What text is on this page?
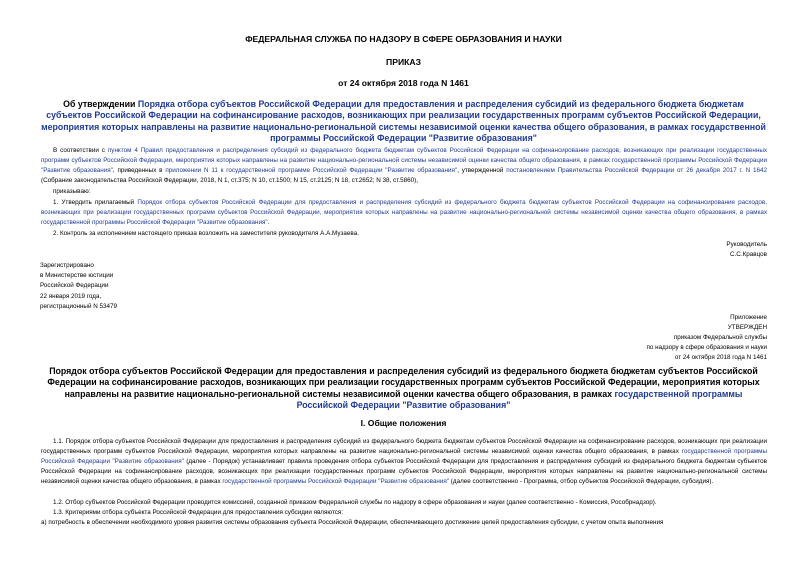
ФЕДЕРАЛЬНАЯ СЛУЖБА ПО НАДЗОРУ В СФЕРЕ ОБРАЗОВАНИЯ И НАУКИ
ПРИКАЗ
от 24 октября 2018 года N 1461
Об утверждении Порядка отбора субъектов Российской Федерации для предоставления и распределения субсидий из федерального бюджета бюджетам субъектов Российской Федерации на софинансирование расходов, возникающих при реализации государственных программ субъектов Российской Федерации, мероприятия которых направлены на развитие национально-региональной системы независимой оценки качества общего образования, в рамках государственной программы Российской Федерации "Развитие образования"
В соответствии с пунктом 4 Правил предоставления и распределения субсидий из федерального бюджета бюджетам субъектов Российской Федерации на софинансирование расходов, возникающих при реализации государственных программ субъектов Российской Федерации, мероприятия которых направлены на развитие национально-региональной системы независимой оценки качества общего образования, в рамках государственной программы Российской Федерации "Развитие образования", приведенных в приложении N 11 к государственной программе Российской Федерации "Развитие образования", утвержденной постановлением Правительства Российской Федерации от 26 декабря 2017 г. N 1642 (Собрание законодательства Российской Федерации, 2018, N 1, ст.375; N 10, ст.1500; N 15, ст.2125; N 18, ст.2652; N 38, ст.5860),
приказываю:
1. Утвердить прилагаемый Порядок отбора субъектов Российской Федерации для предоставления и распределения субсидий из федерального бюджета бюджетам субъектов Российской Федерации на софинансирование расходов, возникающих при реализации государственных программ субъектов Российской Федерации, мероприятия которых направлены на развитие национально-региональной системы независимой оценки качества общего образования, в рамках государственной программы Российской Федерации "Развитие образования".
2. Контроль за исполнением настоящего приказа возложить на заместителя руководителя А.А.Музаева.
Руководитель
С.С.Кравцов
Зарегистрировано
в Министерстве юстиции
Российской Федерации
22 января 2019 года,
регистрационный N 53479
Приложение
УТВЕРЖДЕН
приказом Федеральной службы
по надзору в сфере образования и науки
от 24 октября 2018 года N 1461
Порядок отбора субъектов Российской Федерации для предоставления и распределения субсидий из федерального бюджета бюджетам субъектов Российской Федерации на софинансирование расходов, возникающих при реализации государственных программ субъектов Российской Федерации, мероприятия которых направлены на развитие национально-региональной системы независимой оценки качества общего образования, в рамках государственной программы Российской Федерации "Развитие образования"
I. Общие положения
1.1. Порядок отбора субъектов Российской Федерации для предоставления и распределения субсидий из федерального бюджета бюджетам субъектов Российской Федерации на софинансирование расходов, возникающих при реализации государственных программ субъектов Российской Федерации, мероприятия которых направлены на развитие национально-региональной системы независимой оценки качества общего образования, в рамках государственной программы Российской Федерации "Развитие образования" (далее - Порядок) устанавливает правила проведения отбора субъектов Российской Федерации для предоставления и распределения субсидий из федерального бюджета бюджетам субъектов Российской Федерации на софинансирование расходов, возникающих при реализации государственных программ субъектов Российской Федерации, мероприятия которых направлены на развитие национально-региональной системы независимой оценки качества общего образования, в рамках государственной программы Российской Федерации "Развитие образования" (далее соответственно - Программа, отбор субъектов Российской Федерации, субсидия).
1.2. Отбор субъектов Российской Федерации проводится комиссией, созданной приказом Федеральной службы по надзору в сфере образования и науки (далее соответственно - Комиссия, Рособрнадзор).
1.3. Критериями отбора субъекта Российской Федерации для предоставления субсидии являются:
а) потребность в обеспечении необходимого уровня развития системы образования субъекта Российской Федерации, обеспечивающего достижение целей предоставления субсидии, с учетом опыта выполнения
